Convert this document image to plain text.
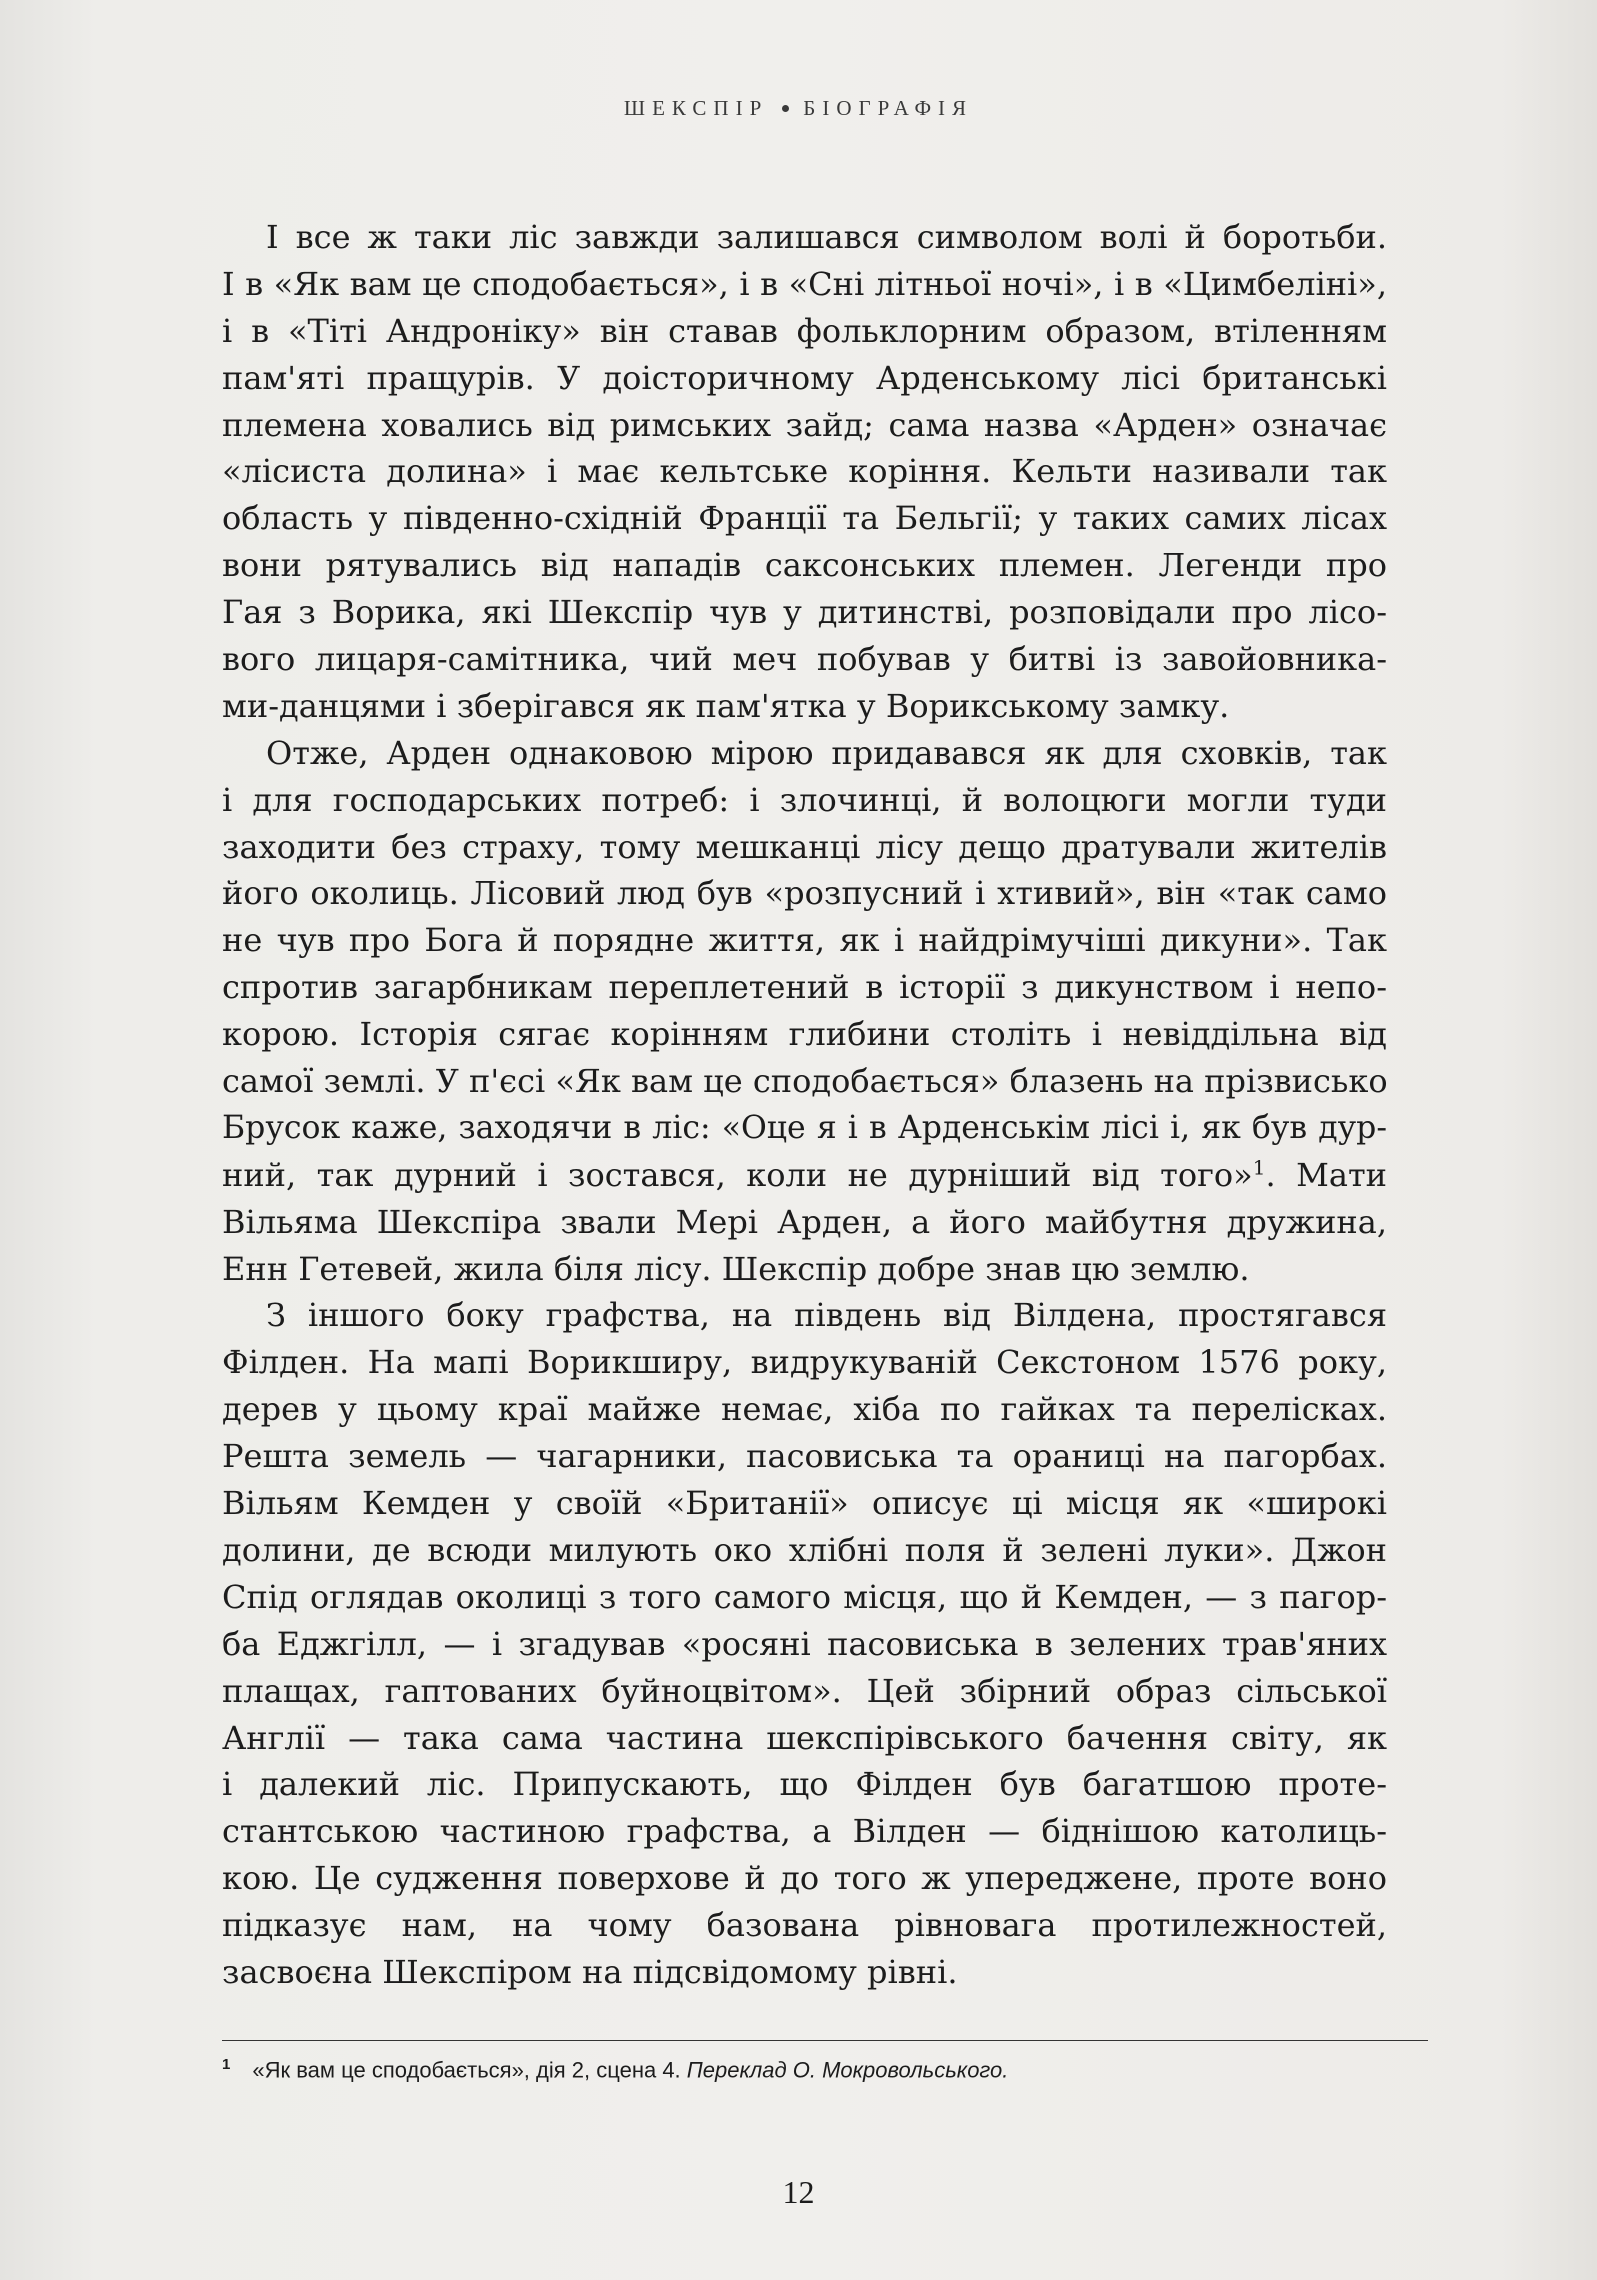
ШЕКСПІР БІОГРАФІЯ
І все ж таки ліс завжди залишався символом волі й боротьби.
І в «Як вам це сподобається», і в «Сні літньої ночі», і в «Цимбеліні»,
і в «Тіті Андроніку» він ставав фольклорним образом, втіленням
пам'яті пращурів. У доісторичному Арденському лісі британські
племена ховались від римських зайд; сама назва «Арден» означає
«лісиста долина» і має кельтське коріння. Кельти називали так
область у південно-східній Франції та Бельгії; у таких самих лісах
вони рятувались від нападів саксонських племен. Легенди про
Гая з Ворика, які Шекспір чув у дитинстві, розповідали про лісо-
вого лицаря-самітника, чий меч побував у битві із завойовника-
ми-данцями і зберігався як пам'ятка у Ворикському замку.
Отже, Арден однаковою мірою придавався як для сховків, так
і для господарських потреб: і злочинці, й волоцюги могли туди
заходити без страху, тому мешканці лісу дещо дратували жителів
його околиць. Лісовий люд був «розпусний і хтивий», він «так само
не чув про Бога й порядне життя, як і найдрімучіші дикуни». Так
спротив загарбникам переплетений в історії з дикунством і непо-
корою. Історія сягає корінням глибини століть і невіддільна від
самої землі. У п'єсі «Як вам це сподобається» блазень на прізвисько
Брусок каже, заходячи в ліс: «Оце я і в Арденськім лісі і, як був дур-
ний, так дурний і зостався, коли не дурніший від того»$^1$. Мати
Вільяма Шекспіра звали Мері Арден, а його майбутня дружина,
Енн Гетевей, жила біля лісу. Шекспір добре знав цю землю.
З іншого боку графства, на південь від Вілдена, простягався
Філден. На мапі Ворикширу, видрукуваній Секстоном 1576 року,
дерев у цьому краї майже немає, хіба по гайках та перелісках.
Решта земель — чагарники, пасовиська та ораниці на пагорбах.
Вільям Кемден у своїй «Британії» описує ці місця як «широкі
долини, де всюди милують око хлібні поля й зелені луки». Джон
Спід оглядав околиці з того самого місця, що й Кемден, — з пагор-
ба Еджгілл, — і згадував «росяні пасовиська в зелених трав'яних
плащах, гаптованих буйноцвітом». Цей збірний образ сільської
Англії — така сама частина шекспірівського бачення світу, як
і далекий ліс. Припускають, що Філден був багатшою проте-
стантською частиною графства, а Вілден — біднішою католиць-
кою. Це судження поверхове й до того ж упереджене, проте воно
підказує нам, на чому базована рівновага протилежностей,
засвоєна Шекспіром на підсвідомому рівні.
$^1$ «Як вам це сподобається», дія 2, сцена 4. Переклад О. Мокровольського.
12
